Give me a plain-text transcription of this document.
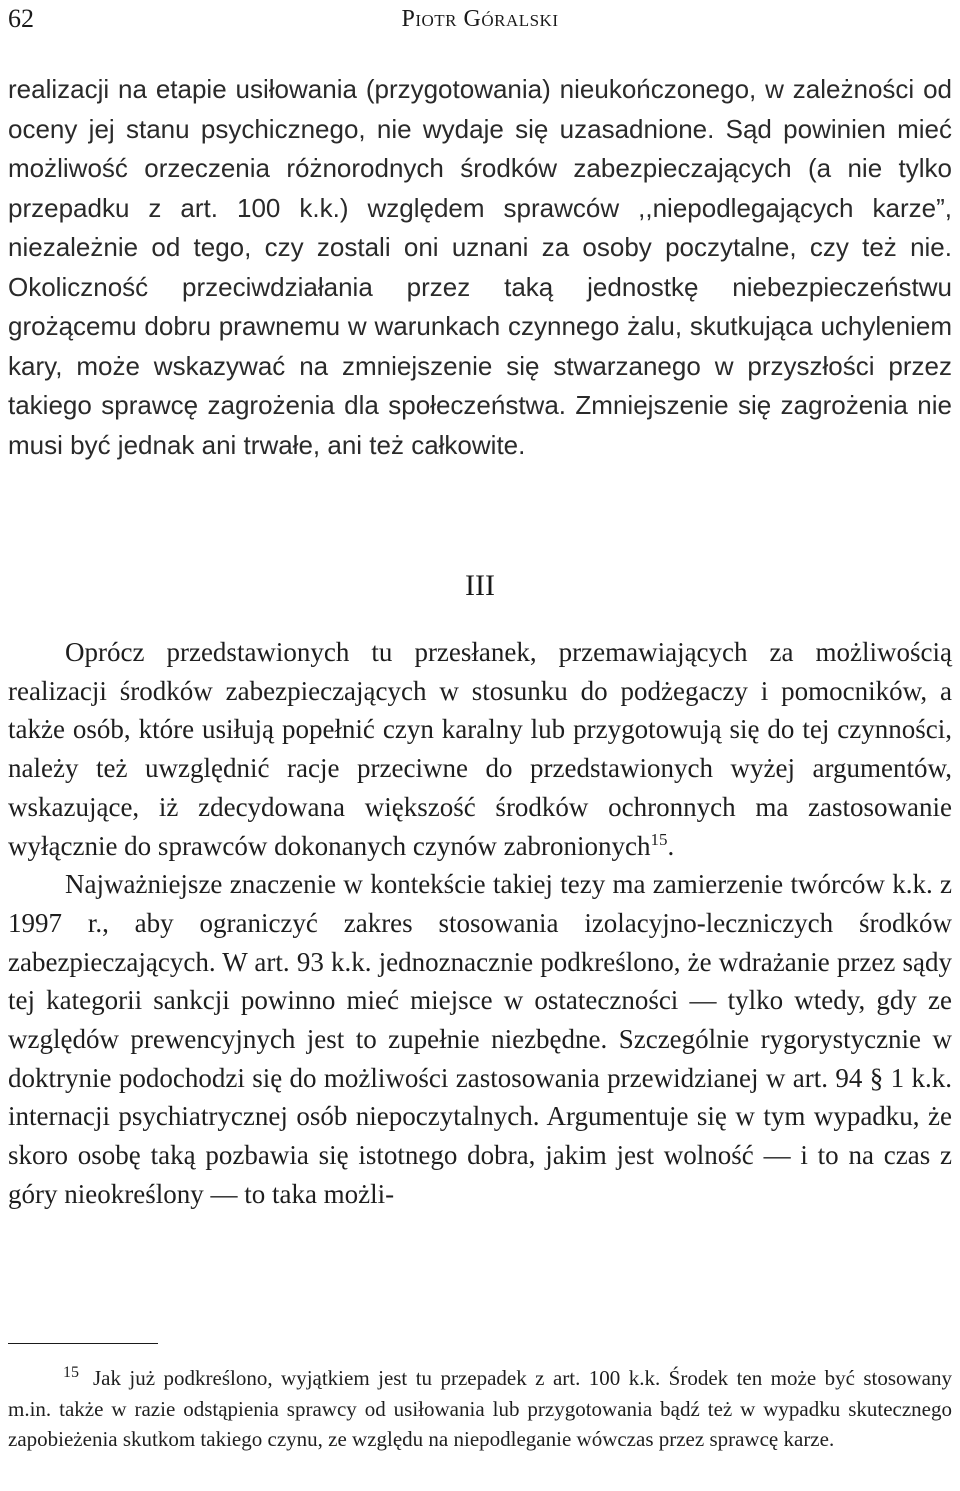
62	Piotr Góralski
realizacji na etapie usiłowania (przygotowania) nieukończonego, w zależności od oceny jej stanu psychicznego, nie wydaje się uzasadnione. Sąd powinien mieć możliwość orzeczenia różnorodnych środków zabezpieczających (a nie tylko przepadku z art. 100 k.k.) względem sprawców ,,niepodlegających karze”, niezależnie od tego, czy zostali oni uznani za osoby poczytalne, czy też nie. Okoliczność przeciwdziałania przez taką jednostkę niebezpieczeństwu grożącemu dobru prawnemu w warunkach czynnego żalu, skutkująca uchyleniem kary, może wskazywać na zmniejszenie się stwarzanego w przyszłości przez takiego sprawcę zagrożenia dla społeczeństwa. Zmniejszenie się zagrożenia nie musi być jednak ani trwałe, ani też całkowite.
III

Oprócz przedstawionych tu przesłanek, przemawiających za możliwością realizacji środków zabezpieczających w stosunku do podżegaczy i pomocników, a także osób, które usiłują popełnić czyn karalny lub przygotowują się do tej czynności, należy też uwzględnić racje przeciwne do przedstawionych wyżej argumentów, wskazujące, iż zdecydowana większość środków ochronnych ma zastosowanie wyłącznie do sprawców dokonanych czynów zabronionych$^{15}$.

Najważniejsze znaczenie w kontekście takiej tezy ma zamierzenie twórców k.k. z 1997 r., aby ograniczyć zakres stosowania izolacyjno-leczniczych środków zabezpieczających. W art. 93 k.k. jednoznacznie podkreślono, że wdrażanie przez sądy tej kategorii sankcji powinno mieć miejsce w ostateczności — tylko wtedy, gdy ze względów prewencyjnych jest to zupełnie niezbędne. Szczególnie rygorystycznie w doktrynie podochodzi się do możliwości zastosowania przewidzianej w art. 94 § 1 k.k. internacji psychiatrycznej osób niepoczytalnych. Argumentuje się w tym wypadku, że skoro osobę taką pozbawia się istotnego dobra, jakim jest wolność — i to na czas z góry nieokreślony — to taka możli-

$^{15}$ Jak już podkreślono, wyjątkiem jest tu przepadek z art. 100 k.k. Środek ten może być stosowany m.in. także w razie odstąpienia sprawcy od usiłowania lub przygotowania bądź też w wypadku skutecznego zapobieżenia skutkom takiego czynu, ze względu na niepodleganie wówczas przez sprawcę karze.
